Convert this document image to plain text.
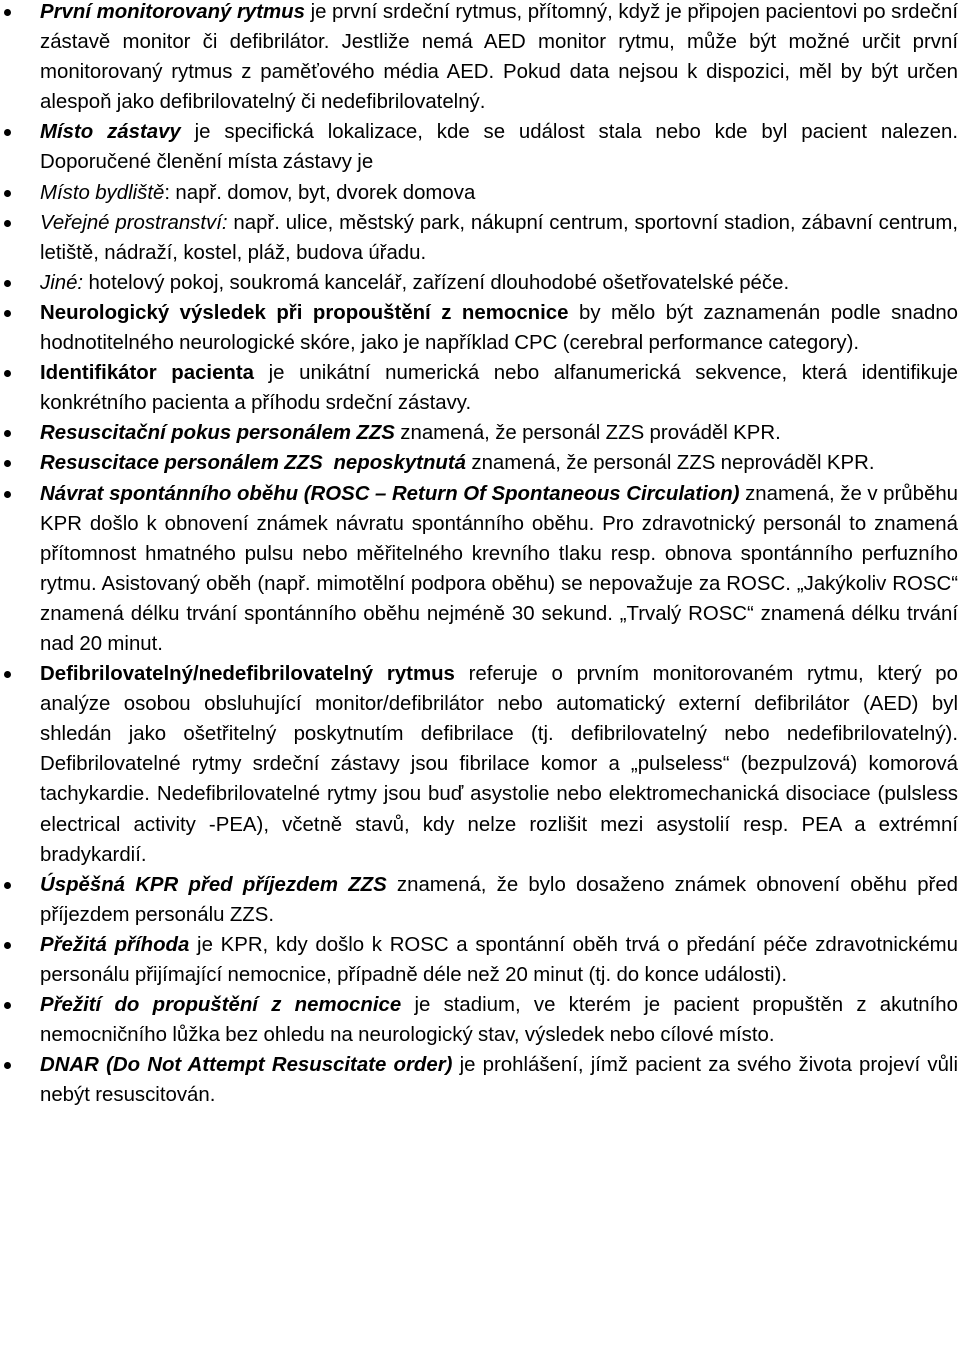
První monitorovaný rytmus je první srdeční rytmus, přítomný, když je připojen pacientovi po srdeční zástavě monitor či defibrilátor. Jestliže nemá AED monitor rytmu, může být možné určit první monitorovaný rytmus z paměťového média AED. Pokud data nejsou k dispozici, měl by být určen alespoň jako defibrilovatelný či nedefibrilovatelný.

Místo zástavy je specifická lokalizace, kde se událost stala nebo kde byl pacient nalezen. Doporučené členění místa zástavy je

Místo bydliště: např. domov, byt, dvorek domova

Veřejné prostranství: např. ulice, městský park, nákupní centrum, sportovní stadion, zábavní centrum, letiště, nádraží, kostel, pláž, budova úřadu.

Jiné: hotelový pokoj, soukromá kancelář, zařízení dlouhodobé ošetřovatelské péče.

Neurologický výsledek při propouštění z nemocnice by mělo být zaznamenán podle snadno hodnotitelného neurologické skóre, jako je například CPC (cerebral performance category).

Identifikátor pacienta je unikátní numerická nebo alfanumerická sekvence, která identifikuje konkrétního pacienta a příhodu srdeční zástavy.

Resuscitační pokus personálem ZZS znamená, že personál ZZS prováděl KPR.

Resuscitace personálem ZZS  neposkytnutá znamená, že personál ZZS neprováděl KPR.

Návrat spontánního oběhu (ROSC – Return Of Spontaneous Circulation) znamená, že v průběhu KPR došlo k obnovení známek návratu spontánního oběhu. Pro zdravotnický personál to znamená přítomnost hmatného pulsu nebo měřitelného krevního tlaku resp. obnova spontánního perfuzního rytmu. Asistovaný oběh (např. mimotělní podpora oběhu) se nepovažuje za ROSC. „Jakýkoliv ROSC“ znamená délku trvání spontánního oběhu nejméně 30 sekund. „Trvalý ROSC“ znamená délku trvání nad 20 minut.

Defibrilovatelný/nedefibrilovatelný rytmus referuje o prvním monitorovaném rytmu, který po analýze osobou obsluhující monitor/defibrilátor nebo automatický externí defibrilátor (AED) byl shledán jako ošetřitelný poskytnutím defibrilace (tj. defibrilovatelný nebo nedefibrilovatelný). Defibrilovatelné rytmy srdeční zástavy jsou fibrilace komor a „pulseless“ (bezpulzová) komorová tachykardie. Nedefibrilovatelné rytmy jsou buď asystolie nebo elektromechanická disociace (pulsless electrical activity -PEA), včetně stavů, kdy nelze rozlišit mezi asystolií resp. PEA a extrémní bradykardií.

Úspěšná KPR před příjezdem ZZS znamená, že bylo dosaženo známek obnovení oběhu před příjezdem personálu ZZS.

Přežitá příhoda je KPR, kdy došlo k ROSC a spontánní oběh trvá o předání péče zdravotnickému personálu přijímající nemocnice, případně déle než 20 minut (tj. do konce události).

Přežití do propuštění z nemocnice je stadium, ve kterém je pacient propuštěn z akutního nemocničního lůžka bez ohledu na neurologický stav, výsledek nebo cílové místo.

DNAR (Do Not Attempt Resuscitate order) je prohlášení, jímž pacient za svého života projeví vůli nebýt resuscitován.
